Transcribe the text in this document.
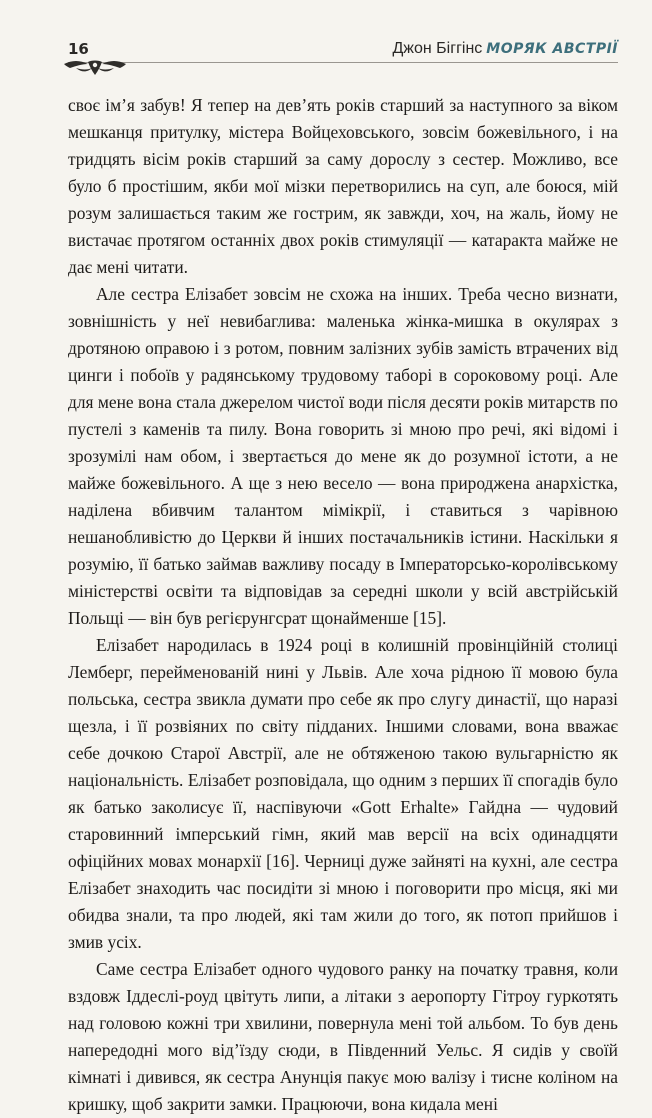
16	Джон Біггінс МОРЯК АВСТРІЇ

своє ім’я забув! Я тепер на дев’ять років старший за наступного за віком мешканця притулку, містера Войцеховського, зовсім божевільного, і на тридцять вісім років старший за саму дорослу з сестер. Можливо, все було б простішим, якби мої мізки перетворились на суп, але боюся, мій розум залишається таким же гострим, як завжди, хоч, на жаль, йому не вистачає протягом останніх двох років стимуляції — катаракта майже не дає мені читати.

Але сестра Елізабет зовсім не схожа на інших. Треба чесно визнати, зовнішність у неї невибаглива: маленька жінка-мишка в окулярах з дротяною оправою і з ротом, повним залізних зубів замість втрачених від цинги і побоїв у радянському трудовому таборі в сороковому році. Але для мене вона стала джерелом чистої води після десяти років митарств по пустелі з каменів та пилу. Вона говорить зі мною про речі, які відомі і зрозумілі нам обом, і звертається до мене як до розумної істоти, а не майже божевільного. А ще з нею весело — вона природжена анархістка, наділена вбивчим талантом мімікрії, і ставиться з чарівною нешанобливістю до Церкви й інших постачальників істини. Наскільки я розумію, її батько займав важливу посаду в Імператорсько-королівському міністерстві освіти та відповідав за середні школи у всій австрійській Польщі — він був регієрунгсрат щонайменше [15].

Елізабет народилась в 1924 році в колишній провінційній столиці Лемберг, перейменованій нині у Львів. Але хоча рідною її мовою була польська, сестра звикла думати про себе як про слугу династії, що наразі щезла, і її розвіяних по світу підданих. Іншими словами, вона вважає себе дочкою Старої Австрії, але не обтяженою такою вульгарністю як національність. Елізабет розповідала, що одним з перших її спогадів було як батько заколисує її, наспівуючи «Gott Erhalte» Гайдна — чудовий старовинний імперський гімн, який мав версії на всіх одинадцяти офіційних мовах монархії [16]. Черниці дуже зайняті на кухні, але сестра Елізабет знаходить час посидіти зі мною і поговорити про місця, які ми обидва знали, та про людей, які там жили до того, як потоп прийшов і змив усіх.

Саме сестра Елізабет одного чудового ранку на початку травня, коли вздовж Іддеслі-роуд цвітуть липи, а літаки з аеропорту Гітроу гуркотять над головою кожні три хвилини, повернула мені той альбом. То був день напередодні мого від’їзду сюди, в Південний Уельс. Я сидів у своїй кімнаті і дивився, як сестра Анунція пакує мою валізу і тисне коліном на кришку, щоб закрити замки. Працюючи, вона кидала мені
